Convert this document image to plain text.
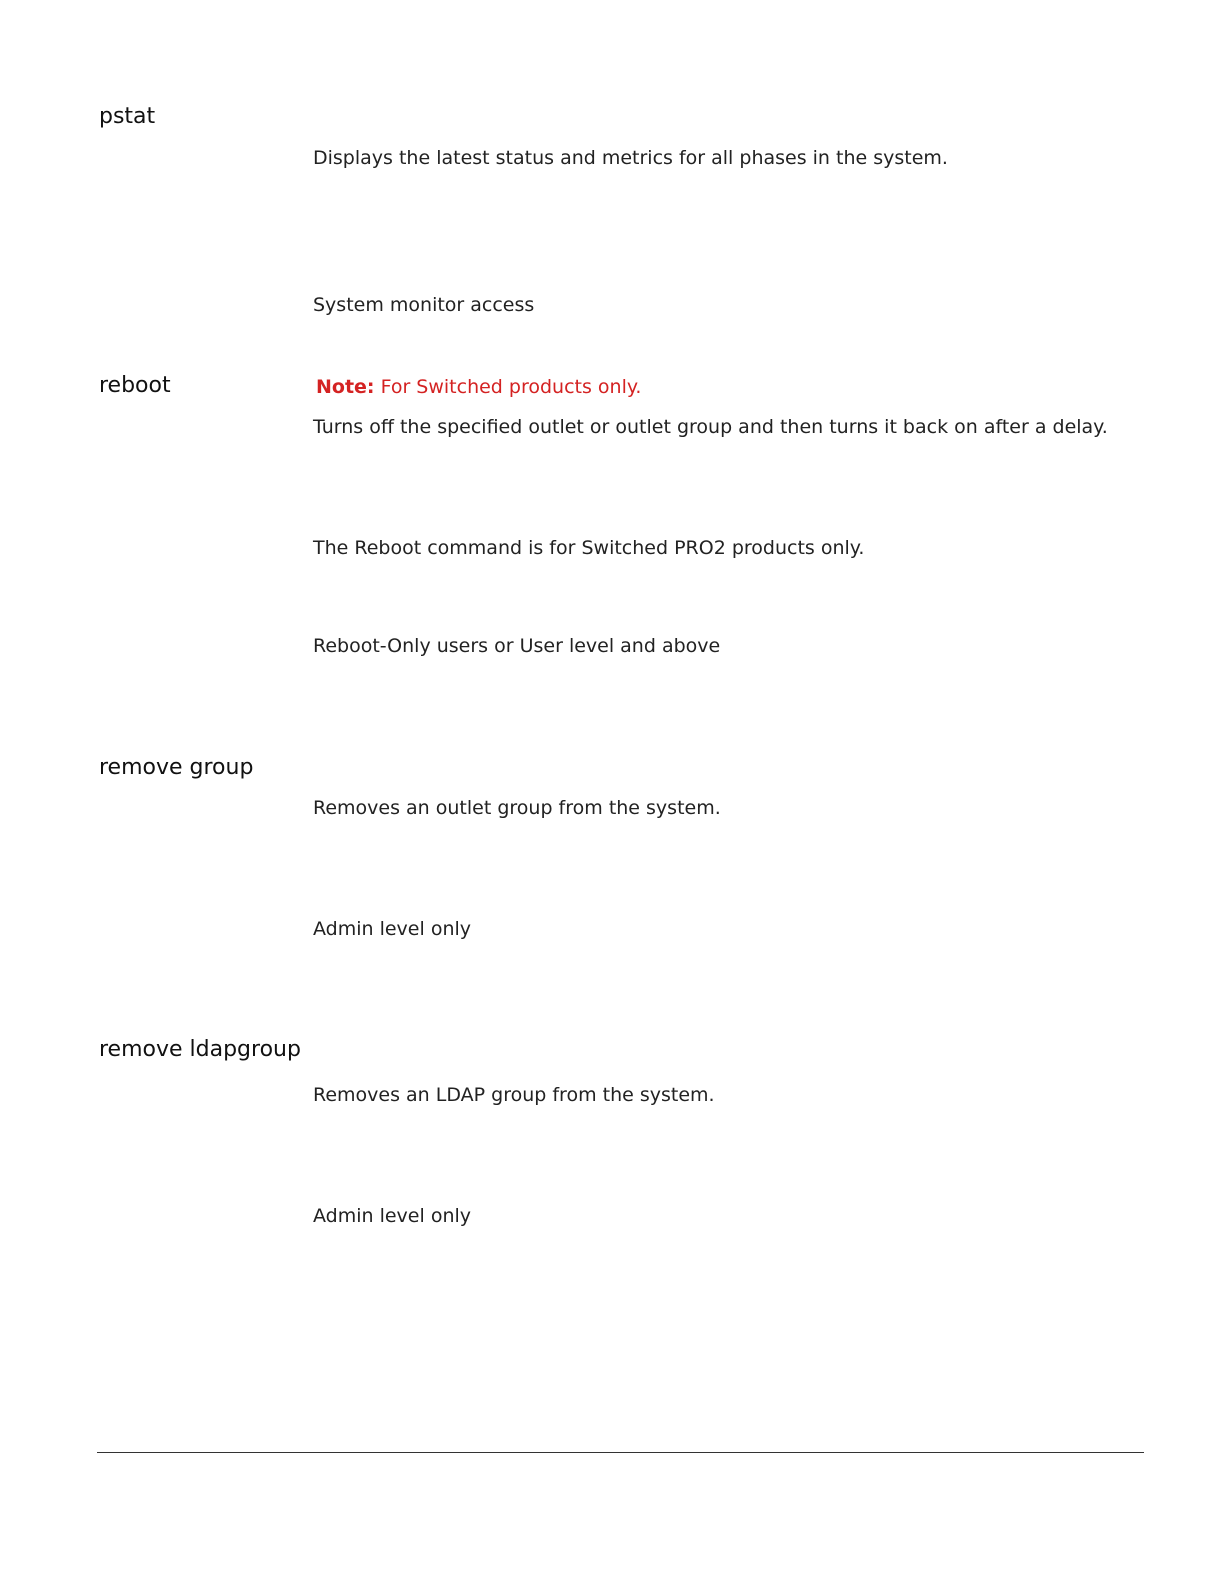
pstat
Displays the latest status and metrics for all phases in the system.
System monitor access
reboot	Note: For Switched products only.
Turns off the specified outlet or outlet group and then turns it back on after a delay.
The Reboot command is for Switched PRO2 products only.
Reboot-Only users or User level and above
remove group
Removes an outlet group from the system.
Admin level only
remove ldapgroup
Removes an LDAP group from the system.
Admin level only
